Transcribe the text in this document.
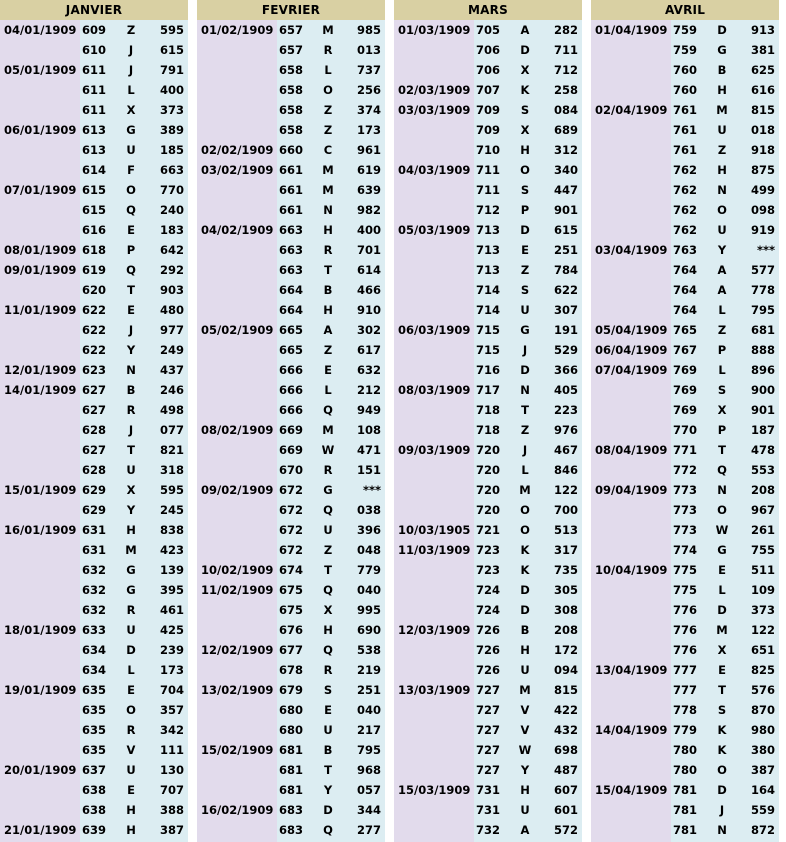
JANVIER
04/01/1909 609	Z	595
610	J	615
05/01/1909 611	J	791
611	L	400
611	X	373
06/01/1909 613	G	389
613	U	185
614	F	663
07/01/1909 615	O	770
615	Q	240
616	E	183
08/01/1909 618	P	642
09/01/1909 619	Q	292
620	T	903
11/01/1909 622	E	480
622	J	977
622	Y	249
12/01/1909 623	N	437
14/01/1909 627	B	246
627	R	498
628	J	077
627	T	821
628	U	318
15/01/1909 629	X	595
629	Y	245
16/01/1909 631	H	838
631	M	423
632	G	139
632	G	395
632	R	461
18/01/1909 633	U	425
634	D	239
634	L	173
19/01/1909 635	E	704
635	O	357
635	R	342
635	V	111
20/01/1909 637	U	130
638	E	707
638	H	388
21/01/1909 639	H	387
FEVRIER
01/02/1909 657	M	985
657	R	013
658	L	737
658	O	256
658	Z	374
658	Z	173
02/02/1909 660	C	961
03/02/1909 661	M	619
661	M	639
661	N	982
04/02/1909 663	H	400
663	R	701
663	T	614
664	B	466
664	H	910
05/02/1909 665	A	302
665	Z	617
666	E	632
666	L	212
666	Q	949
08/02/1909 669	M	108
669	W	471
670	R	151
09/02/1909 672	G	***
672	Q	038
672	U	396
672	Z	048
10/02/1909 674	T	779
11/02/1909 675	Q	040
675	X	995
676	H	690
12/02/1909 677	Q	538
678	R	219
13/02/1909 679	S	251
680	E	040
680	U	217
15/02/1909 681	B	795
681	T	968
681	Y	057
16/02/1909 683	D	344
683	Q	277
MARS
01/03/1909 705	A	282
706	D	711
706	X	712
02/03/1909 707	K	258
03/03/1909 709	S	084
709	X	689
710	H	312
04/03/1909 711	O	340
711	S	447
712	P	901
05/03/1909 713	D	615
713	E	251
713	Z	784
714	S	622
714	U	307
06/03/1909 715	G	191
715	J	529
716	D	366
08/03/1909 717	N	405
718	T	223
718	Z	976
09/03/1909 720	J	467
720	L	846
720	M	122
720	O	700
10/03/1905 721	O	513
11/03/1909 723	K	317
723	K	735
724	D	305
724	D	308
12/03/1909 726	B	208
726	H	172
726	U	094
13/03/1909 727	M	815
727	V	422
727	V	432
727	W	698
727	Y	487
15/03/1909 731	H	607
731	U	601
732	A	572
AVRIL
01/04/1909 759	D	913
759	G	381
760	B	625
760	H	616
02/04/1909 761	M	815
761	U	018
761	Z	918
762	H	875
762	N	499
762	O	098
762	U	919
03/04/1909 763	Y	***
764	A	577
764	A	778
764	L	795
05/04/1909 765	Z	681
06/04/1909 767	P	888
07/04/1909 769	L	896
769	S	900
769	X	901
770	P	187
08/04/1909 771	T	478
772	Q	553
09/04/1909 773	N	208
773	O	967
773	W	261
774	G	755
10/04/1909 775	E	511
775	L	109
776	D	373
776	M	122
776	X	651
13/04/1909 777	E	825
777	T	576
778	S	870
14/04/1909 779	K	980
780	K	380
780	O	387
15/04/1909 781	D	164
781	J	559
781	N	872
